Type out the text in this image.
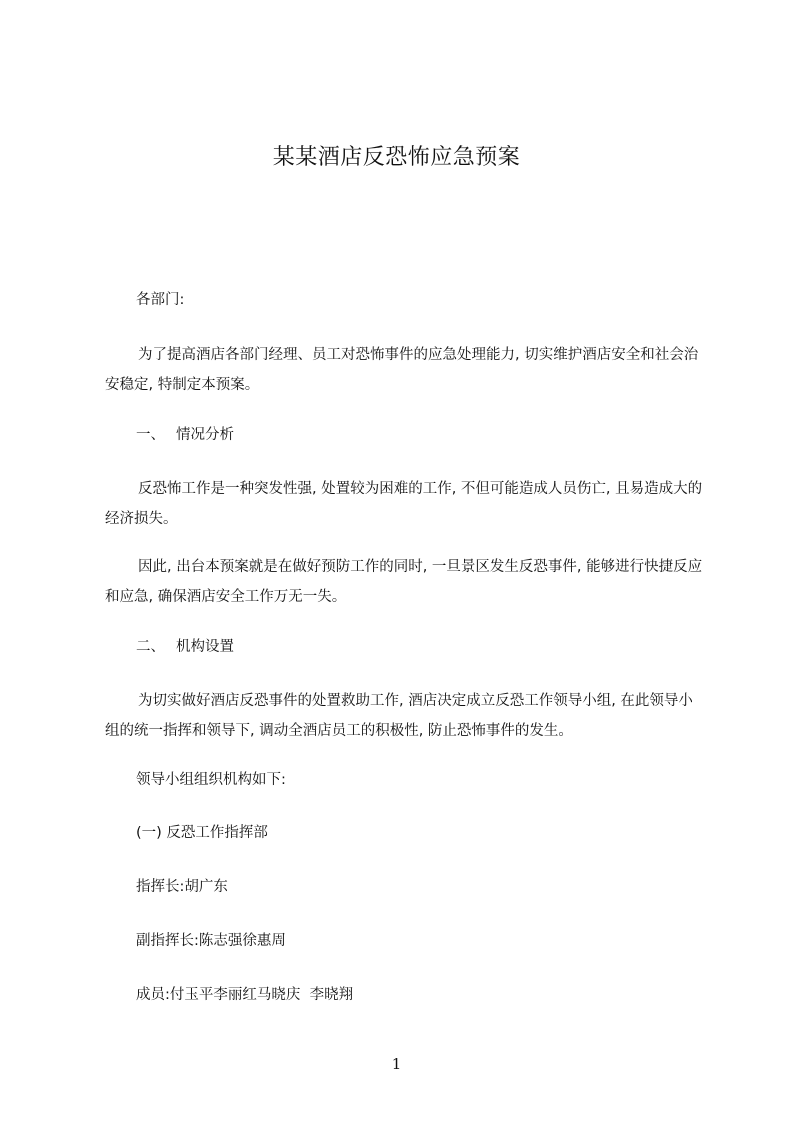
某某酒店反恐怖应急预案
各部门:

为了提高酒店各部门经理、员工对恐怖事件的应急处理能力, 切实维护酒店安全和社会治安稳定, 特制定本预案。

一、 情况分析

反恐怖工作是一种突发性强, 处置较为困难的工作, 不但可能造成人员伤亡, 且易造成大的经济损失。

因此, 出台本预案就是在做好预防工作的同时, 一旦景区发生反恐事件, 能够进行快捷反应和应急, 确保酒店安全工作万无一失。

二、 机构设置

为切实做好酒店反恐事件的处置救助工作, 酒店决定成立反恐工作领导小组, 在此领导小组的统一指挥和领导下, 调动全酒店员工的积极性, 防止恐怖事件的发生。

领导小组组织机构如下:
(一) 反恐工作指挥部
指挥长:胡广东
副指挥长:陈志强徐惠周
成员:付玉平李丽红马晓庆  李晓翔
1
